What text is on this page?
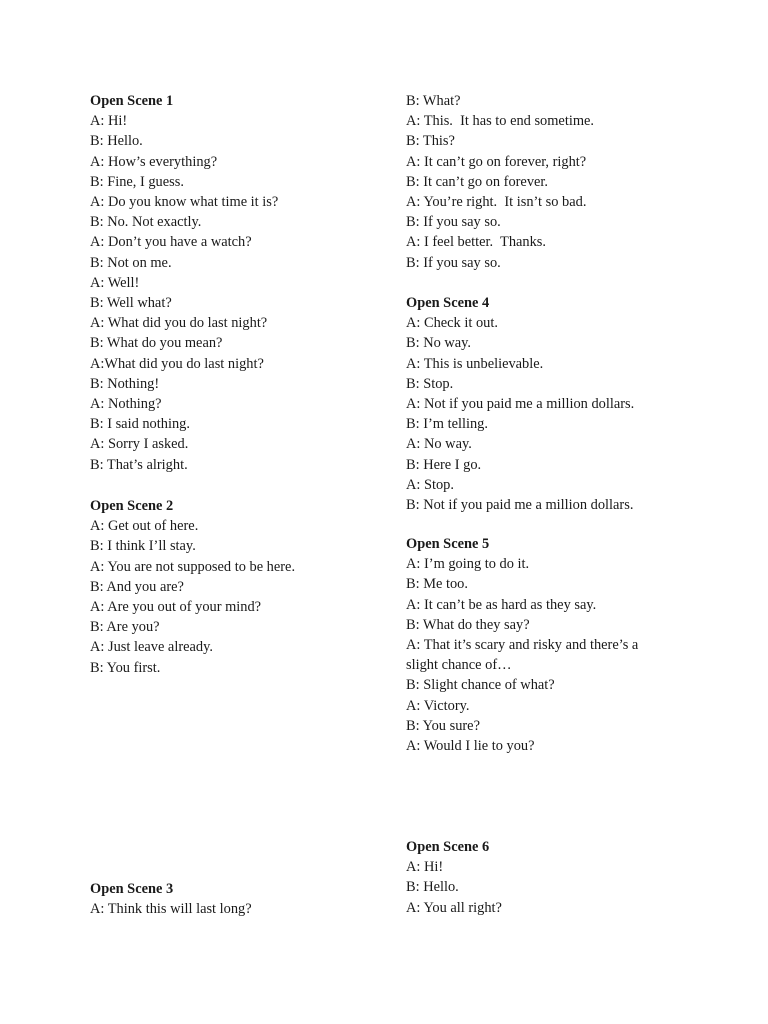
Open Scene 1
A: Hi!
B: Hello.
A: How’s everything?
B: Fine, I guess.
A: Do you know what time it is?
B: No. Not exactly.
A: Don’t you have a watch?
B: Not on me.
A: Well!
B: Well what?
A: What did you do last night?
B: What do you mean?
A:What did you do last night?
B: Nothing!
A: Nothing?
B: I said nothing.
A: Sorry I asked.
B: That’s alright.
Open Scene 2
A: Get out of here.
B: I think I’ll stay.
A: You are not supposed to be here.
B: And you are?
A: Are you out of your mind?
B: Are you?
A: Just leave already.
B: You first.
Open Scene 3
A: Think this will last long?
B: What?
A: This.  It has to end sometime.
B: This?
A: It can’t go on forever, right?
B: It can’t go on forever.
A: You’re right.  It isn’t so bad.
B: If you say so.
A: I feel better.  Thanks.
B: If you say so.
Open Scene 4
A: Check it out.
B: No way.
A: This is unbelievable.
B: Stop.
A: Not if you paid me a million dollars.
B: I’m telling.
A: No way.
B: Here I go.
A: Stop.
B: Not if you paid me a million dollars.
Open Scene 5
A: I’m going to do it.
B: Me too.
A: It can’t be as hard as they say.
B: What do they say?
A: That it’s scary and risky and there’s a
slight chance of…
B: Slight chance of what?
A: Victory.
B: You sure?
A: Would I lie to you?
Open Scene 6
A: Hi!
B: Hello.
A: You all right?
